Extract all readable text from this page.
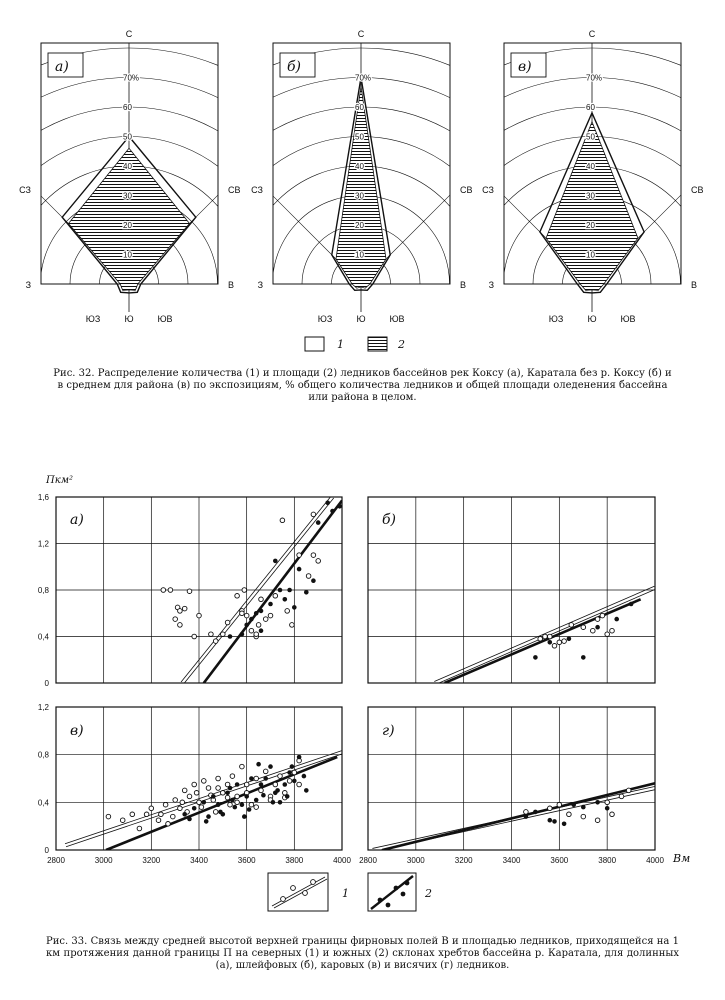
10
20
30
40
50
60
70%
а)
С
СЗ	СВ
З	В
ЮЗ	Ю	ЮВ
10
20
30
40
50
60
70%
б)
С
СЗ	СВ
З	В
ЮЗ	Ю	ЮВ
10
20
30
40
50
60
70%
в)
С
СЗ	СВ
З	В
ЮЗ	Ю	ЮВ
1	2
Пкм²
а)
1,6
1,2
0,8
0,4
0
б)
в)
1,2
0,8
0,4
0
2800	3000	3200	3400	3600	3800	4000
г)
2800	3000	3200	3400	3600	3800	4000 Вм
1	2

Рис. 32. Распределение количества (1) и площади (2) ледников бассейнов рек Коксу (а), Каратала без р. Коксу (б) и в среднем для района (в) по экспозициям, % общего количества ледников и общей площади оледенения бассейна или района в целом.

Рис. 33. Связь между средней высотой верхней границы фирновых полей В и площадью ледников, приходящейся на 1 км протяжения данной границы П на северных (1) и южных (2) склонах хребтов бассейна р. Каратала, для долинных (а), шлейфовых (б), каровых (в) и висячих (г) ледников.
